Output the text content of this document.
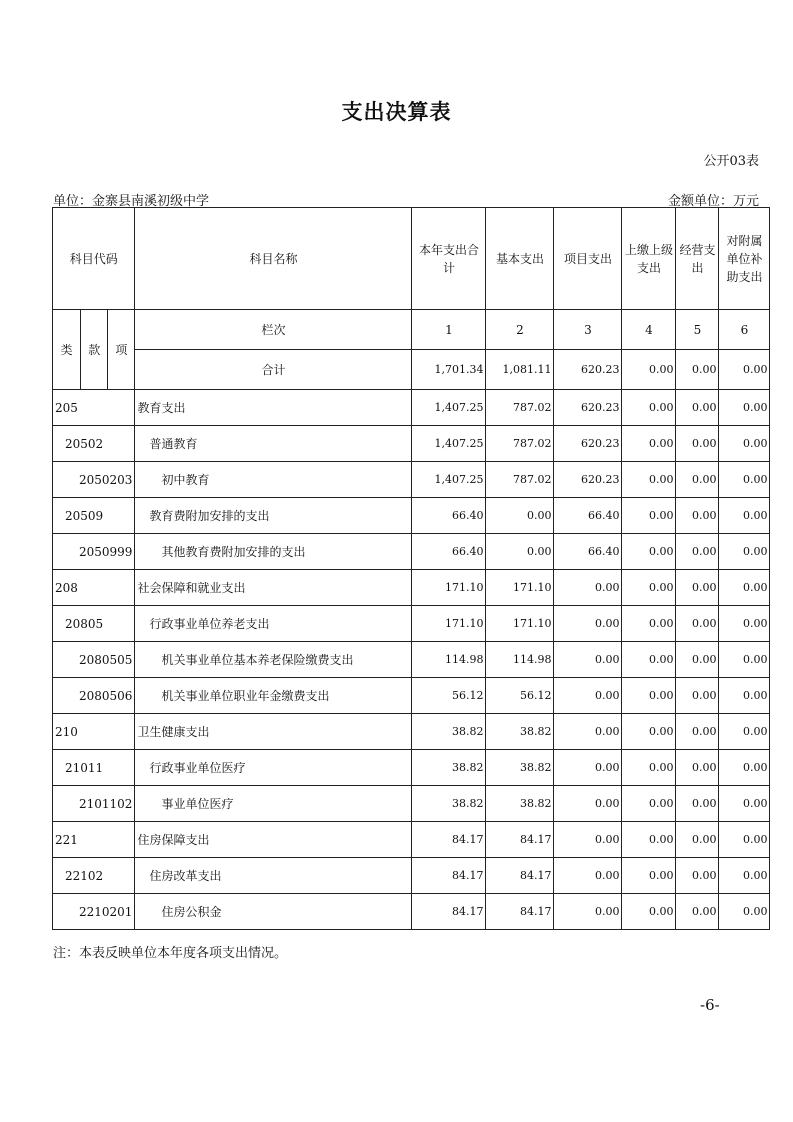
支出决算表
公开03表
单位：金寨县南溪初级中学	金额单位：万元
科目代码			科目名称	本年支出合计	基本支出	项目支出	上缴上级支出	经营支出	对附属单位补助支出
类	款	项	栏次	1	2	3	4	5	6
			合计	1,701.34	1,081.11	620.23	0.00	0.00	0.00
205			教育支出	1,407.25	787.02	620.23	0.00	0.00	0.00
20502			普通教育	1,407.25	787.02	620.23	0.00	0.00	0.00
2050203			初中教育	1,407.25	787.02	620.23	0.00	0.00	0.00
20509			教育费附加安排的支出	66.40	0.00	66.40	0.00	0.00	0.00
2050999			其他教育费附加安排的支出	66.40	0.00	66.40	0.00	0.00	0.00
208			社会保障和就业支出	171.10	171.10	0.00	0.00	0.00	0.00
20805			行政事业单位养老支出	171.10	171.10	0.00	0.00	0.00	0.00
2080505			机关事业单位基本养老保险缴费支出	114.98	114.98	0.00	0.00	0.00	0.00
2080506			机关事业单位职业年金缴费支出	56.12	56.12	0.00	0.00	0.00	0.00
210			卫生健康支出	38.82	38.82	0.00	0.00	0.00	0.00
21011			行政事业单位医疗	38.82	38.82	0.00	0.00	0.00	0.00
2101102			事业单位医疗	38.82	38.82	0.00	0.00	0.00	0.00
221			住房保障支出	84.17	84.17	0.00	0.00	0.00	0.00
22102			住房改革支出	84.17	84.17	0.00	0.00	0.00	0.00
2210201			住房公积金	84.17	84.17	0.00	0.00	0.00	0.00
注：本表反映单位本年度各项支出情况。
-6-
